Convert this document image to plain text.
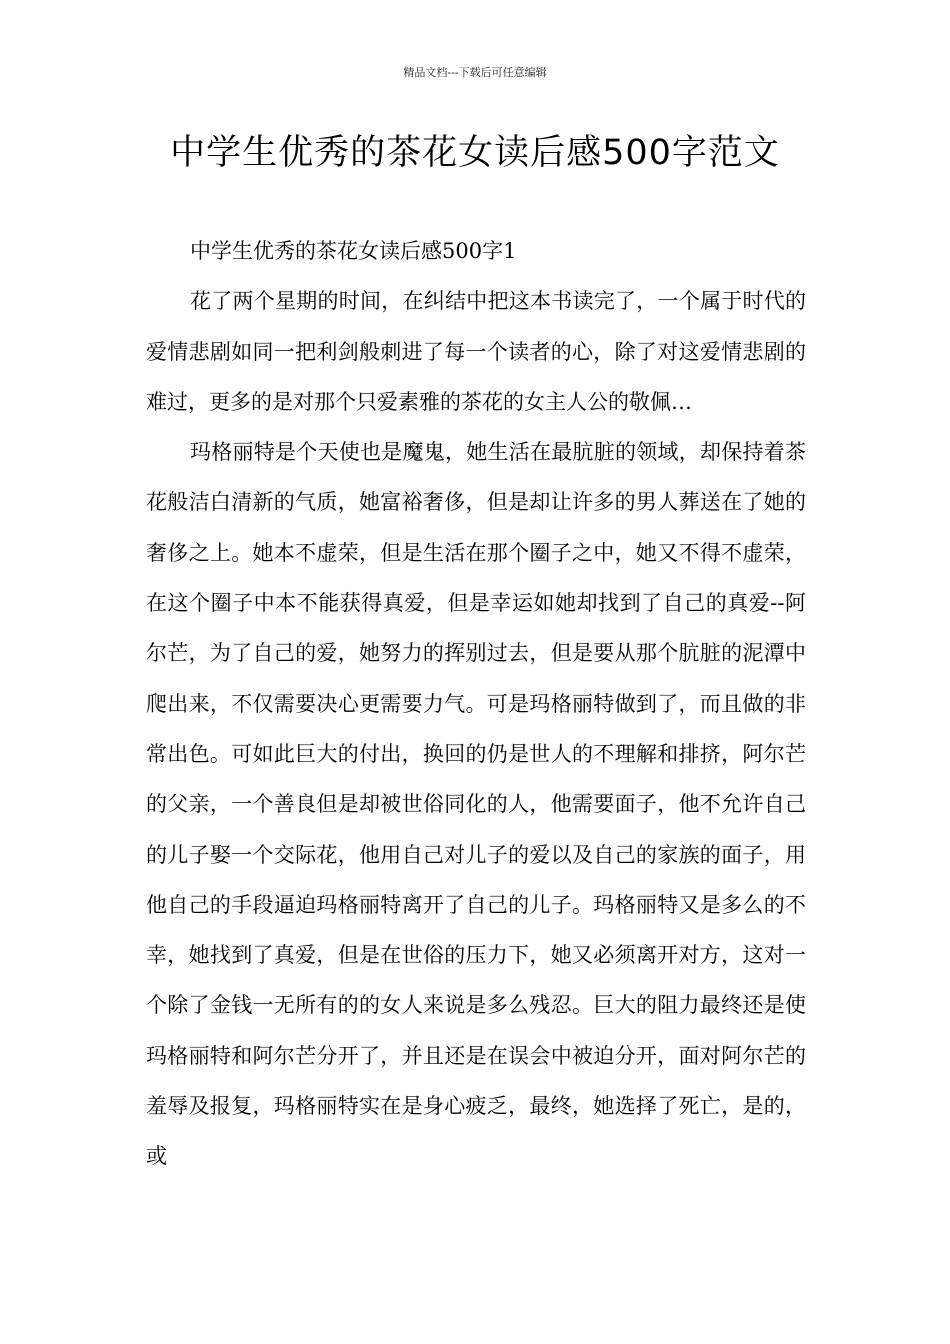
精品文档---下载后可任意编辑
中学生优秀的茶花女读后感500字范文

中学生优秀的茶花女读后感500字1

花了两个星期的时间，在纠结中把这本书读完了，一个属于时代的爱情悲剧如同一把利剑般刺进了每一个读者的心，除了对这爱情悲剧的难过，更多的是对那个只爱素雅的茶花的女主人公的敬佩…

玛格丽特是个天使也是魔鬼，她生活在最肮脏的领域，却保持着茶花般洁白清新的气质，她富裕奢侈，但是却让许多的男人葬送在了她的奢侈之上。她本不虚荣，但是生活在那个圈子之中，她又不得不虚荣，在这个圈子中本不能获得真爱，但是幸运如她却找到了自己的真爱--阿尔芒，为了自己的爱，她努力的挥别过去，但是要从那个肮脏的泥潭中爬出来，不仅需要决心更需要力气。可是玛格丽特做到了，而且做的非常出色。可如此巨大的付出，换回的仍是世人的不理解和排挤，阿尔芒的父亲，一个善良但是却被世俗同化的人，他需要面子，他不允许自己的儿子娶一个交际花，他用自己对儿子的爱以及自己的家族的面子，用他自己的手段逼迫玛格丽特离开了自己的儿子。玛格丽特又是多么的不幸，她找到了真爱，但是在世俗的压力下，她又必须离开对方，这对一个除了金钱一无所有的的女人来说是多么残忍。巨大的阻力最终还是使玛格丽特和阿尔芒分开了，并且还是在误会中被迫分开，面对阿尔芒的羞辱及报复，玛格丽特实在是身心疲乏，最终，她选择了死亡，是的，或
